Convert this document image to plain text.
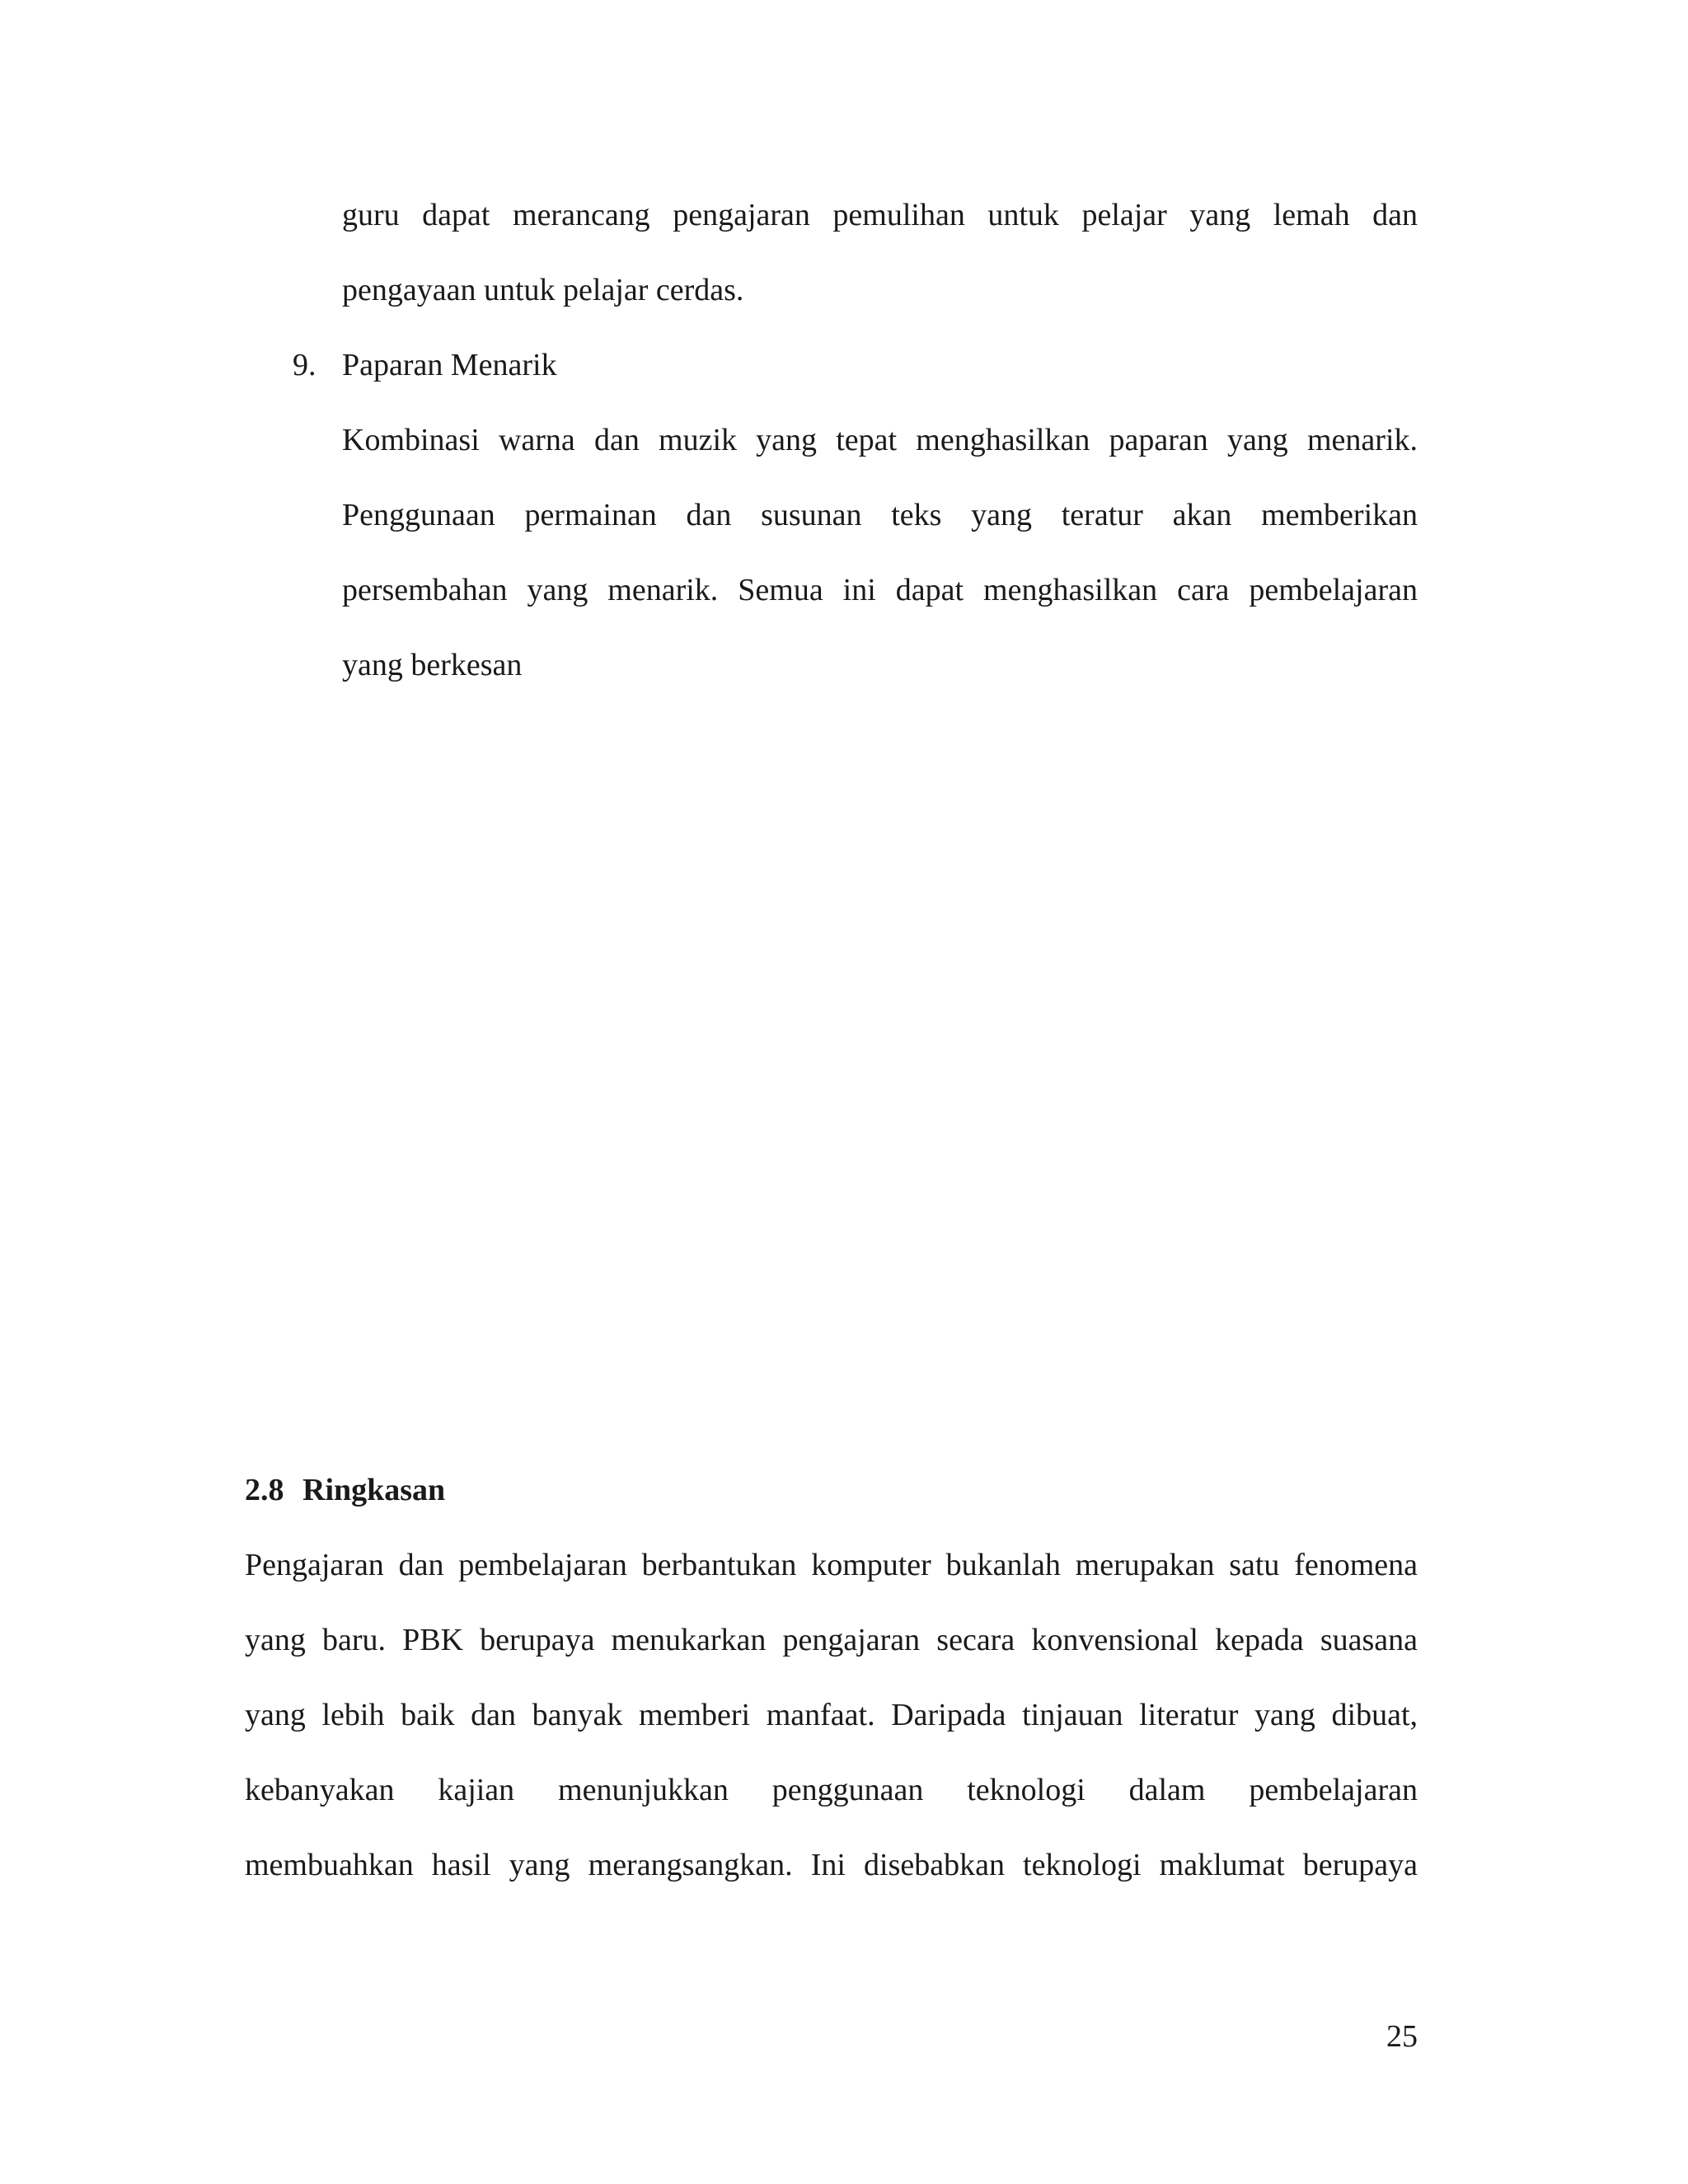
guru dapat merancang pengajaran pemulihan untuk pelajar yang lemah dan
pengayaan untuk pelajar cerdas.
9. Paparan Menarik
Kombinasi warna dan muzik yang tepat menghasilkan paparan yang menarik.
Penggunaan permainan dan susunan teks yang teratur akan memberikan
persembahan yang menarik. Semua ini dapat menghasilkan cara pembelajaran
yang berkesan
2.8 Ringkasan
Pengajaran dan pembelajaran berbantukan komputer bukanlah merupakan satu fenomena
yang baru. PBK berupaya menukarkan pengajaran secara konvensional kepada suasana
yang lebih baik dan banyak memberi manfaat. Daripada tinjauan literatur yang dibuat,
kebanyakan kajian menunjukkan penggunaan teknologi dalam pembelajaran
membuahkan hasil yang merangsangkan. Ini disebabkan teknologi maklumat berupaya
25
